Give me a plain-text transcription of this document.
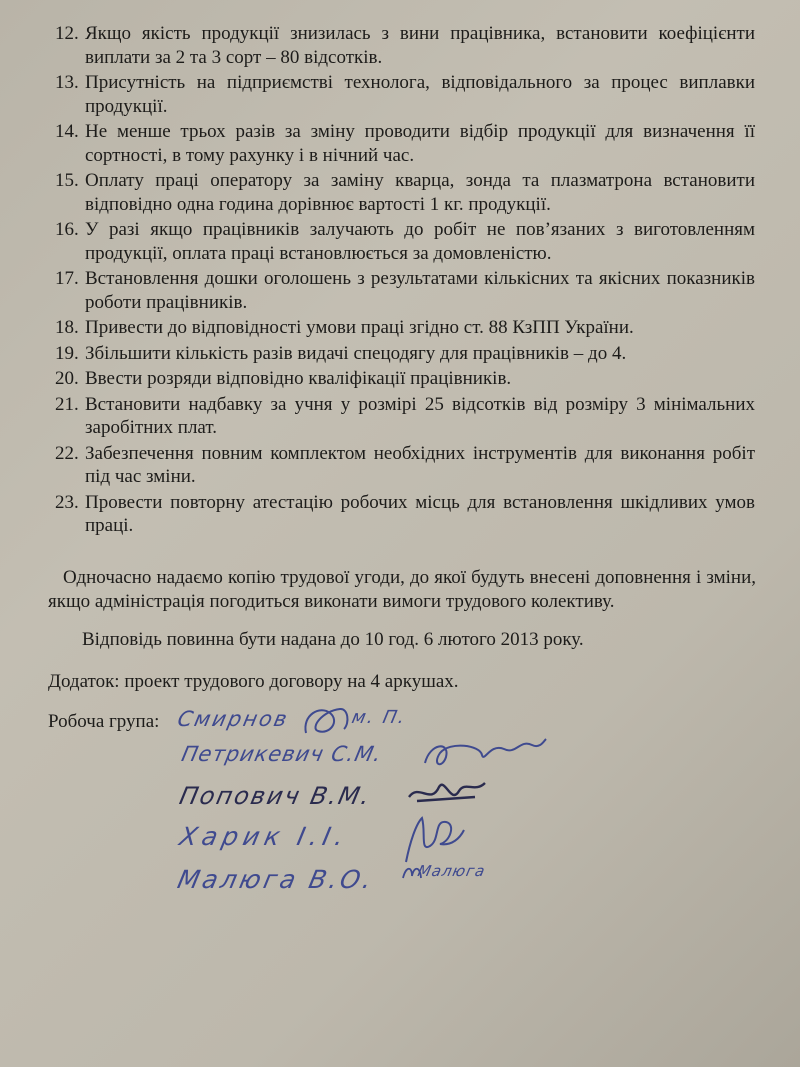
12. Якщо якість продукції знизилась з вини працівника, встановити коефіцієнти виплати за 2 та 3 сорт – 80 відсотків.
13. Присутність на підприємстві технолога, відповідального за процес виплавки продукції.
14. Не менше трьох разів за зміну проводити відбір продукції для визначення її сортності, в тому рахунку і в нічний час.
15. Оплату праці оператору за заміну кварца, зонда та плазматрона встановити відповідно одна година дорівнює вартості 1 кг. продукції.
16. У разі якщо працівників залучають до робіт не пов’язаних з виготовленням продукції, оплата праці встановлюється за домовленістю.
17. Встановлення дошки оголошень з результатами кількісних та якісних показників роботи працівників.
18. Привести до відповідності умови праці згідно ст. 88 КзПП України.
19. Збільшити кількість разів видачі спецодягу для працівників – до 4.
20. Ввести розряди відповідно кваліфікації працівників.
21. Встановити надбавку за учня у розмірі 25 відсотків від розміру 3 мінімальних заробітних плат.
22. Забезпечення повним комплектом необхідних інструментів для виконання робіт під час зміни.
23. Провести повторну атестацію робочих місць для встановлення шкідливих умов праці.

Одночасно надаємо копію трудової угоди, до якої будуть внесені доповнення і зміни, якщо адміністрація погодиться виконати вимоги трудового колективу.

Відповідь повинна бути надана до 10 год. 6 лютого 2013 року.

Додаток: проект трудового договору на 4 аркушах.

Робоча група: Смирнов	м. П.
Петрикевич С.М.
Попович В.М.
Харик І.І.
Малюга В.О.	Малюга
